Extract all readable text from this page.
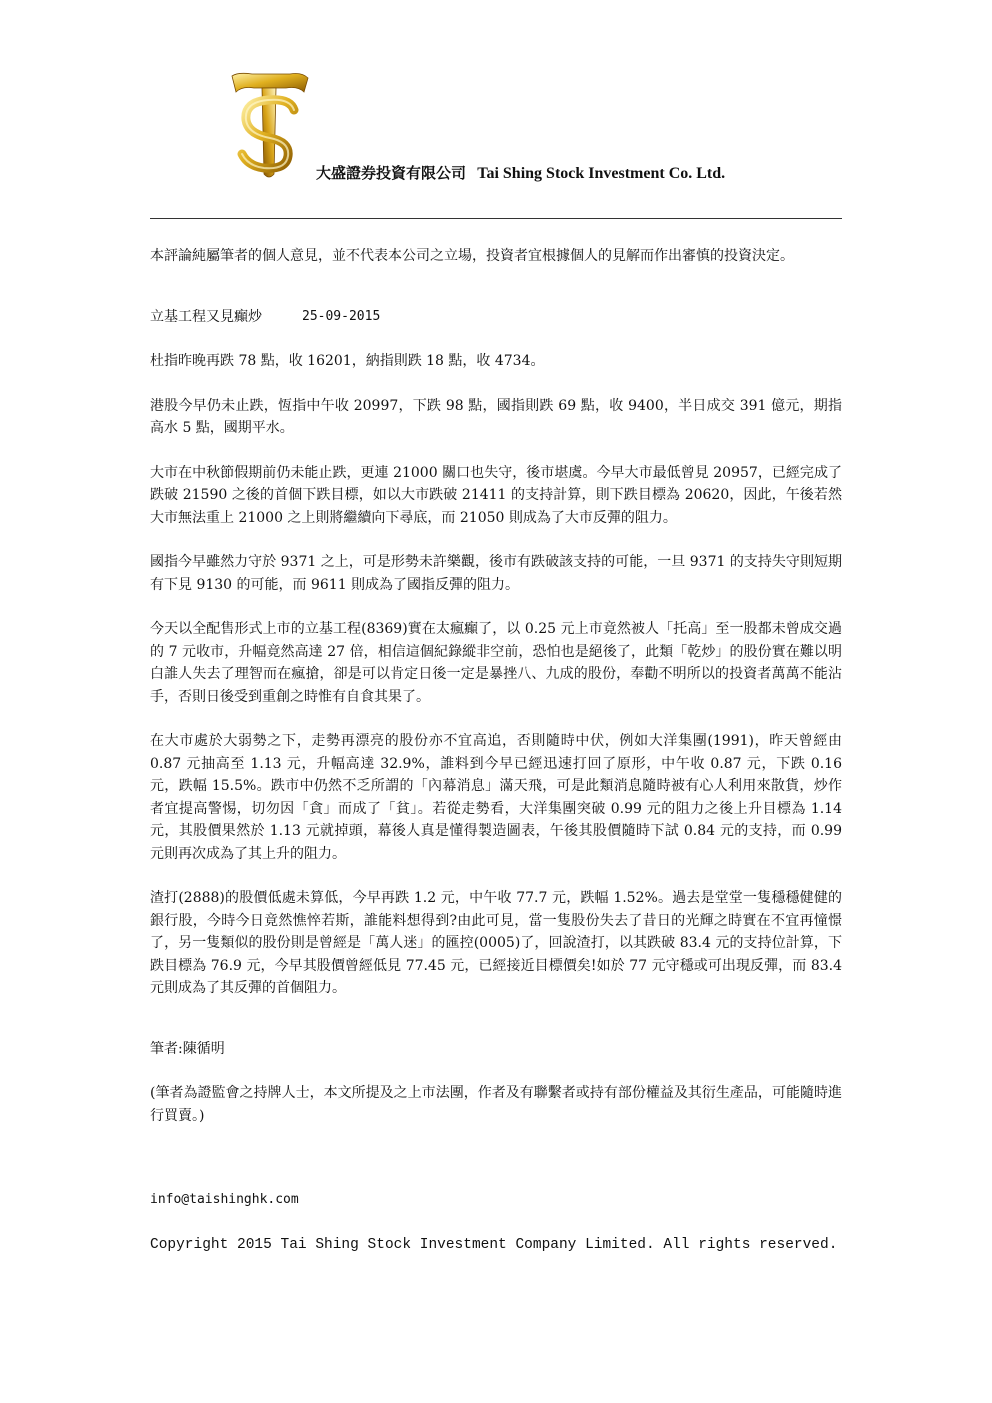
大盛證券投資有限公司 Tai Shing Stock Investment Co. Ltd.

本評論純屬筆者的個人意見，並不代表本公司之立場，投資者宜根據個人的見解而作出審慎的投資決定。

立基工程又見癲炒	25-09-2015

杜指昨晚再跌 78 點，收 16201，納指則跌 18 點，收 4734。

港股今早仍未止跌，恆指中午收 20997，下跌 98 點，國指則跌 69 點，收 9400，半日成交 391 億元，期指高水 5 點，國期平水。

大市在中秋節假期前仍未能止跌，更連 21000 關口也失守，後市堪虞。今早大市最低曾見 20957，已經完成了跌破 21590 之後的首個下跌目標，如以大市跌破 21411 的支持計算，則下跌目標為 20620，因此，午後若然大市無法重上 21000 之上則將繼續向下尋底，而 21050 則成為了大市反彈的阻力。

國指今早雖然力守於 9371 之上，可是形勢未許樂觀，後市有跌破該支持的可能，一旦 9371 的支持失守則短期有下見 9130 的可能，而 9611 則成為了國指反彈的阻力。

今天以全配售形式上市的立基工程(8369)實在太瘋癲了，以 0.25 元上市竟然被人「托高」至一股都未曾成交過的 7 元收市，升幅竟然高達 27 倍，相信這個紀錄縱非空前，恐怕也是絕後了，此類「乾炒」的股份實在難以明白誰人失去了理智而在瘋搶，卻是可以肯定日後一定是暴挫八、九成的股份，奉勸不明所以的投資者萬萬不能沾手，否則日後受到重創之時惟有自食其果了。

在大市處於大弱勢之下，走勢再漂亮的股份亦不宜高追，否則隨時中伏，例如大洋集團(1991)，昨天曾經由 0.87 元抽高至 1.13 元，升幅高達 32.9%，誰料到今早已經迅速打回了原形，中午收 0.87 元，下跌 0.16 元，跌幅 15.5%。跌市中仍然不乏所謂的「內幕消息」滿天飛，可是此類消息隨時被有心人利用來散貨，炒作者宜提高警惕，切勿因「貪」而成了「貧」。若從走勢看，大洋集團突破 0.99 元的阻力之後上升目標為 1.14 元，其股價果然於 1.13 元就掉頭，幕後人真是懂得製造圖表，午後其股價隨時下試 0.84 元的支持，而 0.99 元則再次成為了其上升的阻力。

渣打(2888)的股價低處未算低，今早再跌 1.2 元，中午收 77.7 元，跌幅 1.52%。過去是堂堂一隻穩穩健健的銀行股，今時今日竟然憔悴若斯，誰能料想得到?由此可見，當一隻股份失去了昔日的光輝之時實在不宜再憧憬了，另一隻類似的股份則是曾經是「萬人迷」的匯控(0005)了，回說渣打，以其跌破 83.4 元的支持位計算，下跌目標為 76.9 元，今早其股價曾經低見 77.45 元，已經接近目標價矣!如於 77 元守穩或可出現反彈，而 83.4 元則成為了其反彈的首個阻力。

筆者:陳循明

(筆者為證監會之持牌人士，本文所提及之上市法團，作者及有聯繫者或持有部份權益及其衍生產品，可能隨時進行買賣。)

info@taishinghk.com

Copyright 2015 Tai Shing Stock Investment Company Limited. All rights reserved.
